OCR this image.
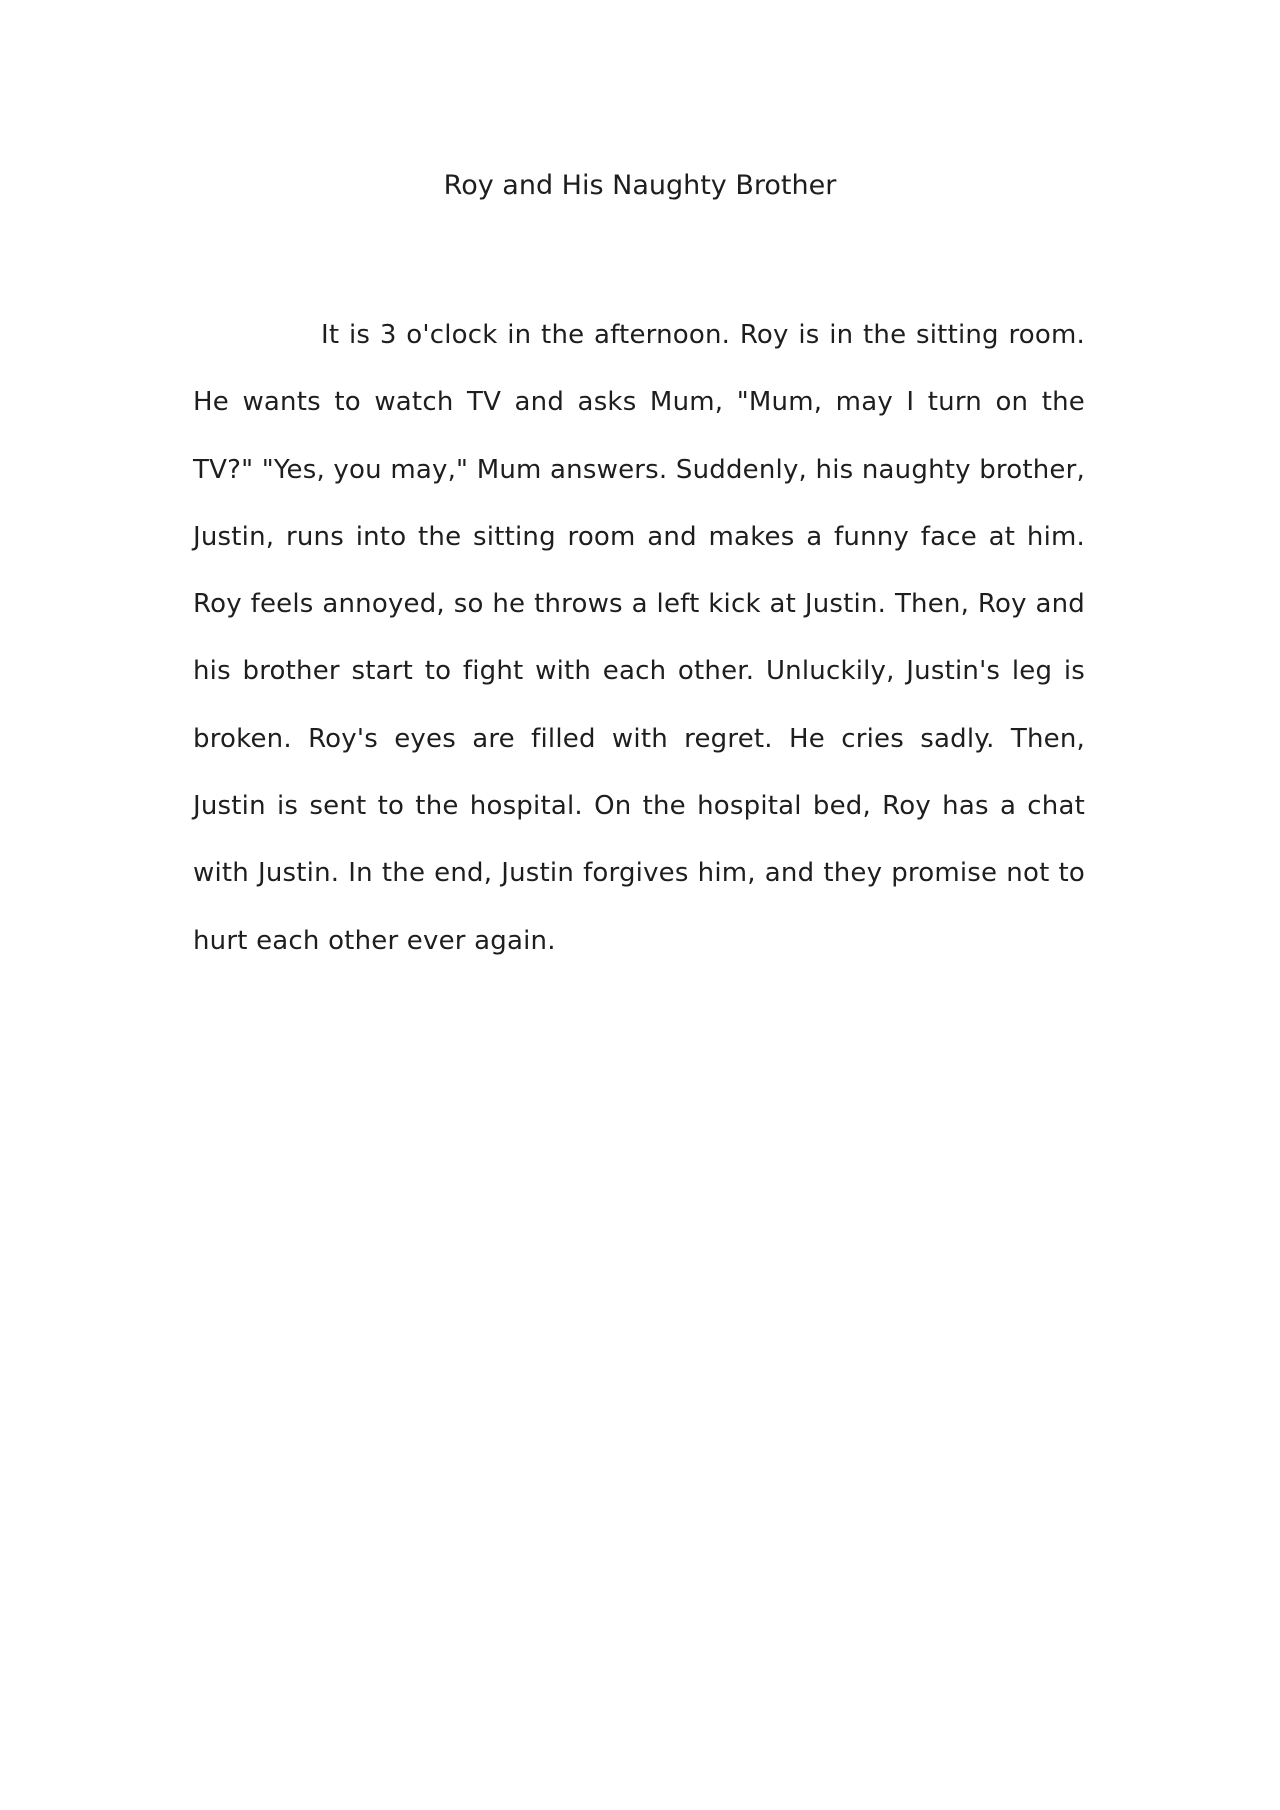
Roy and His Naughty Brother

It is 3 o'clock in the afternoon. Roy is in the sitting room. He wants to watch TV and asks Mum, "Mum, may I turn on the TV?" "Yes, you may," Mum answers. Suddenly, his naughty brother, Justin, runs into the sitting room and makes a funny face at him. Roy feels annoyed, so he throws a left kick at Justin. Then, Roy and his brother start to fight with each other. Unluckily, Justin's leg is broken. Roy's eyes are filled with regret. He cries sadly. Then, Justin is sent to the hospital. On the hospital bed, Roy has a chat with Justin. In the end, Justin forgives him, and they promise not to hurt each other ever again.
